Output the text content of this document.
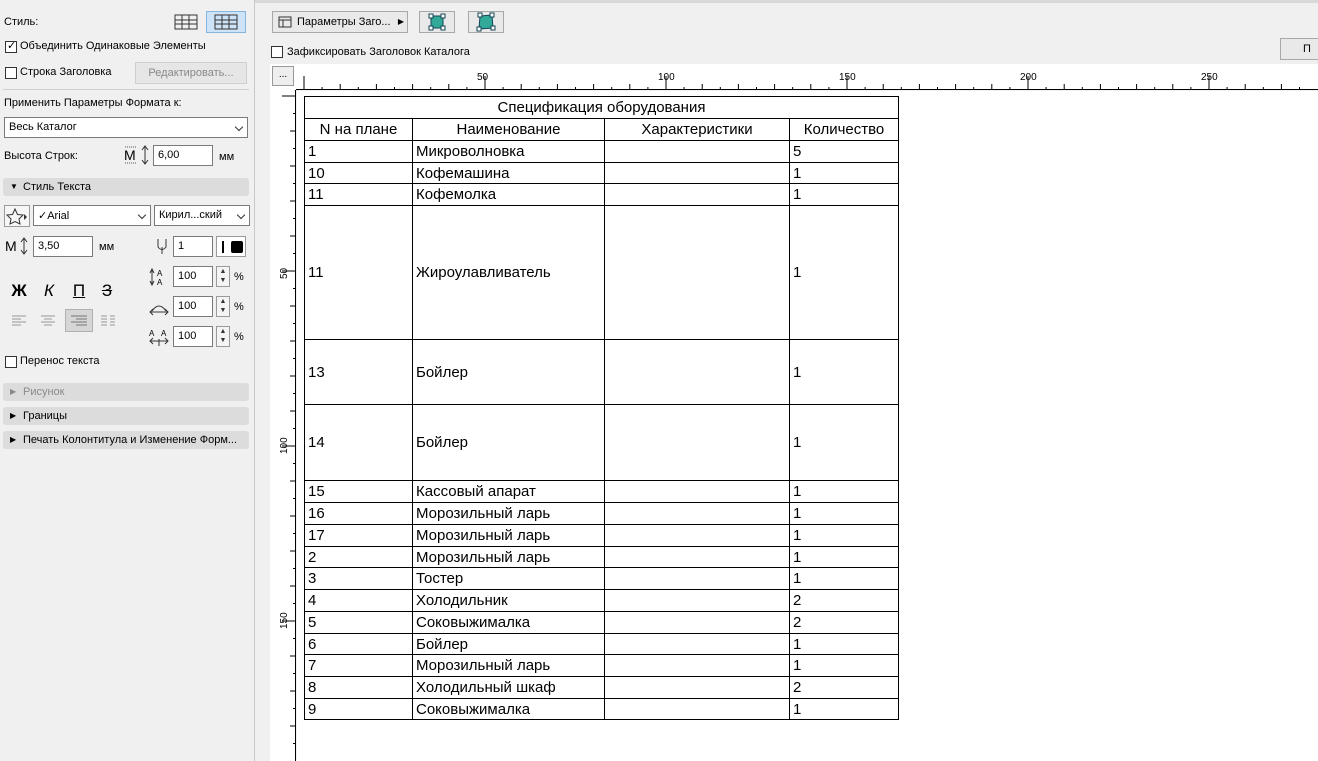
Стиль:
✓
Объединить Одинаковые Элементы
Строка Заголовка	Редактировать...
Применить Параметры Формата к:
Весь Каталог
Высота Строк:	M	6,00	мм
▼ Стиль Текста
✓Arial	Кирил...ский
M	3,50	мм	1
Ж К П З
A
A
100	▲
▼ %
100	▲
▼ %
A A	100	▲
▼ %
Перенос текста
▶ Рисунок
▶ Границы
▶ Печать Колонтитула и Изменение Форм...
Параметры Заго... ▶
Зафиксировать Заголовок Каталога	П
...	50	100	150	200	250
50
100
150
Спецификация оборудования			
N на плане	Наименование	Характеристики	Количество
1	Микроволновка		5
10	Кофемашина		1
11	Кофемолка		1
11	Жироулавливатель		1
13	Бойлер		1
14	Бойлер		1
15	Кассовый апарат		1
16	Морозильный ларь		1
17	Морозильный ларь		1
2	Морозильный ларь		1
3	Тостер		1
4	Холодильник		2
5	Соковыжималка		2
6	Бойлер		1
7	Морозильный ларь		1
8	Холодильный шкаф		2
9	Соковыжималка		1
